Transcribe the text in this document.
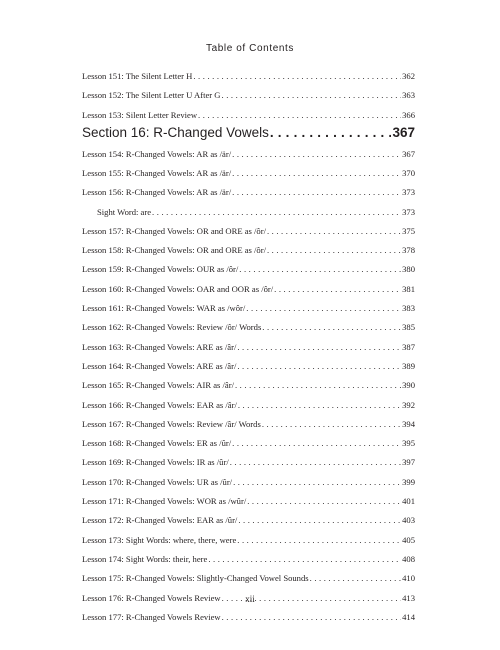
Table of Contents
Lesson 151: The Silent Letter H . . .	362
Lesson 152: The Silent Letter U After G . . .	363
Lesson 153: Silent Letter Review . . .	366
Section 16: R-Changed Vowels . . .	367
Lesson 154: R-Changed Vowels: AR as /är/ . . .	367
Lesson 155: R-Changed Vowels: AR as /är/ . . .	370
Lesson 156: R-Changed Vowels: AR as /är/ . . .	373
Sight Word: are . . .	373
Lesson 157: R-Changed Vowels: OR and ORE as /ôr/ . . .	375
Lesson 158: R-Changed Vowels: OR and ORE as /ôr/ . . .	378
Lesson 159: R-Changed Vowels: OUR as /ôr/ . . .	380
Lesson 160: R-Changed Vowels: OAR and OOR as /ôr/ . . .	381
Lesson 161: R-Changed Vowels: WAR as /wôr/ . . .	383
Lesson 162: R-Changed Vowels: Review /ôr/ Words . . .	385
Lesson 163: R-Changed Vowels: ARE as /âr/ . . .	387
Lesson 164: R-Changed Vowels: ARE as /âr/ . . .	389
Lesson 165: R-Changed Vowels: AIR as /âr/ . . .	390
Lesson 166: R-Changed Vowels: EAR as /âr/ . . .	392
Lesson 167: R-Changed Vowels: Review /âr/ Words . . .	394
Lesson 168: R-Changed Vowels: ER as /ûr/ . . .	395
Lesson 169: R-Changed Vowels: IR as /ûr/ . . .	397
Lesson 170: R-Changed Vowels: UR as /ûr/ . . .	399
Lesson 171: R-Changed Vowels: WOR as /wûr/ . . .	401
Lesson 172: R-Changed Vowels: EAR as /ûr/ . . .	403
Lesson 173: Sight Words: where, there, were . . .	405
Lesson 174: Sight Words: their, here . . .	408
Lesson 175: R-Changed Vowels: Slightly-Changed Vowel Sounds . . .	410
Lesson 176: R-Changed Vowels Review . . .	413
Lesson 177: R-Changed Vowels Review . . .	414
xii
